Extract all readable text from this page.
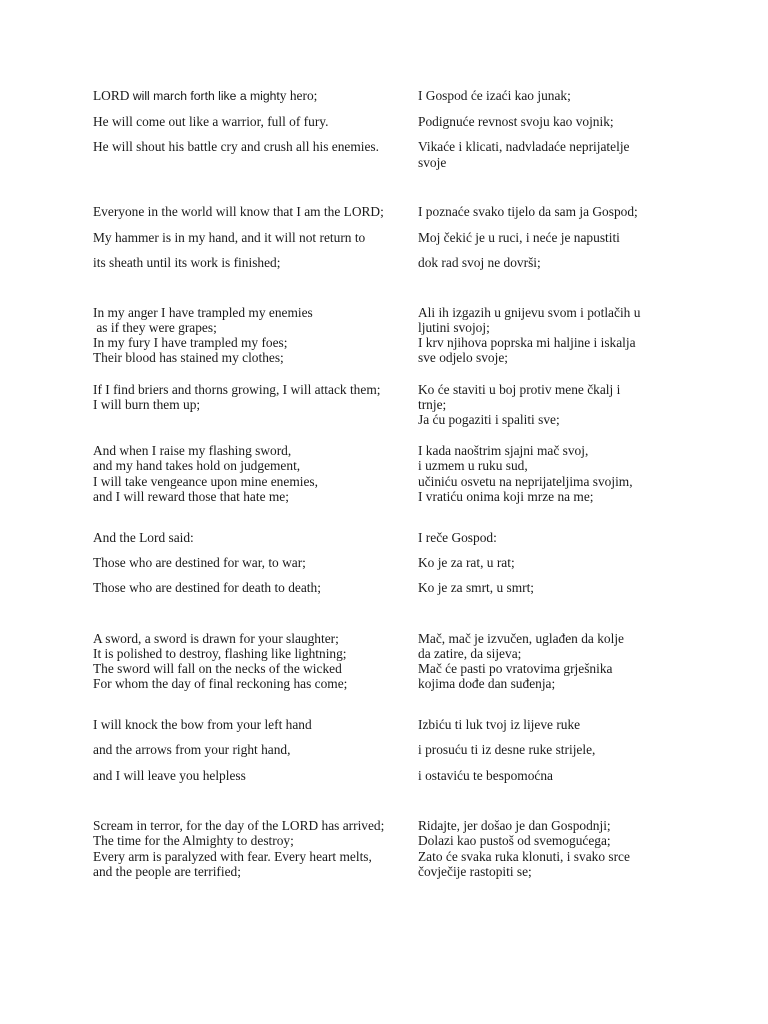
LORD will march forth like a mighty hero;
He will come out like a warrior, full of fury.
He will shout his battle cry and crush all his enemies.
I Gospod će izaći kao junak;
Podignuće revnost svoju kao vojnik;
Vikaće i klicati, nadvladaće neprijatelje
svoje
Everyone in the world will know that I am the LORD;
My hammer is in my hand, and it will not return to
its sheath until its work is finished;
I poznaće svako tijelo da sam ja Gospod;
Moj čekić je u ruci, i neće je napustiti
dok rad svoj ne dovrši;
In my anger I have trampled my enemies
as if they were grapes;
In my fury I have trampled my foes;
Their blood has stained my clothes;
Ali ih izgazih u gnijevu svom i potlačih u
ljutini svojoj;
I krv njihova poprska mi haljine i iskalja
sve odjelo svoje;
If I find briers and thorns growing, I will attack them;
I will burn them up;
Ko će staviti u boj protiv mene čkalj i
trnje;
Ja ću pogaziti i spaliti sve;
And when I raise my flashing sword,
and my hand takes hold on judgement,
I will take vengeance upon mine enemies,
and I will reward those that hate me;
I kada naoštrim sjajni mač svoj,
i uzmem u ruku sud,
učiniću osvetu na neprijateljima svojim,
I vratiću onima koji mrze na me;
And the Lord said:
Those who are destined for war, to war;
Those who are destined for death to death;
I reče Gospod:
Ko je za rat, u rat;
Ko je za smrt, u smrt;
A sword, a sword is drawn for your slaughter;
It is polished to destroy, flashing like lightning;
The sword will fall on the necks of the wicked
For whom the day of final reckoning has come;
Mač, mač je izvučen, uglađen da kolje
da zatire, da sijeva;
Mač će pasti po vratovima grješnika
kojima dođe dan suđenja;
I will knock the bow from your left hand
and the arrows from your right hand,
and I will leave you helpless
Izbiću ti luk tvoj iz lijeve ruke
i prosuću ti iz desne ruke strijele,
i ostaviću te bespomoćna
Scream in terror, for the day of the LORD has arrived;
The time for the Almighty to destroy;
Every arm is paralyzed with fear. Every heart melts,
and the people are terrified;
Ridajte, jer došao je dan Gospodnji;
Dolazi kao pustoš od svemogućega;
Zato će svaka ruka klonuti, i svako srce
čovječije rastopiti se;
